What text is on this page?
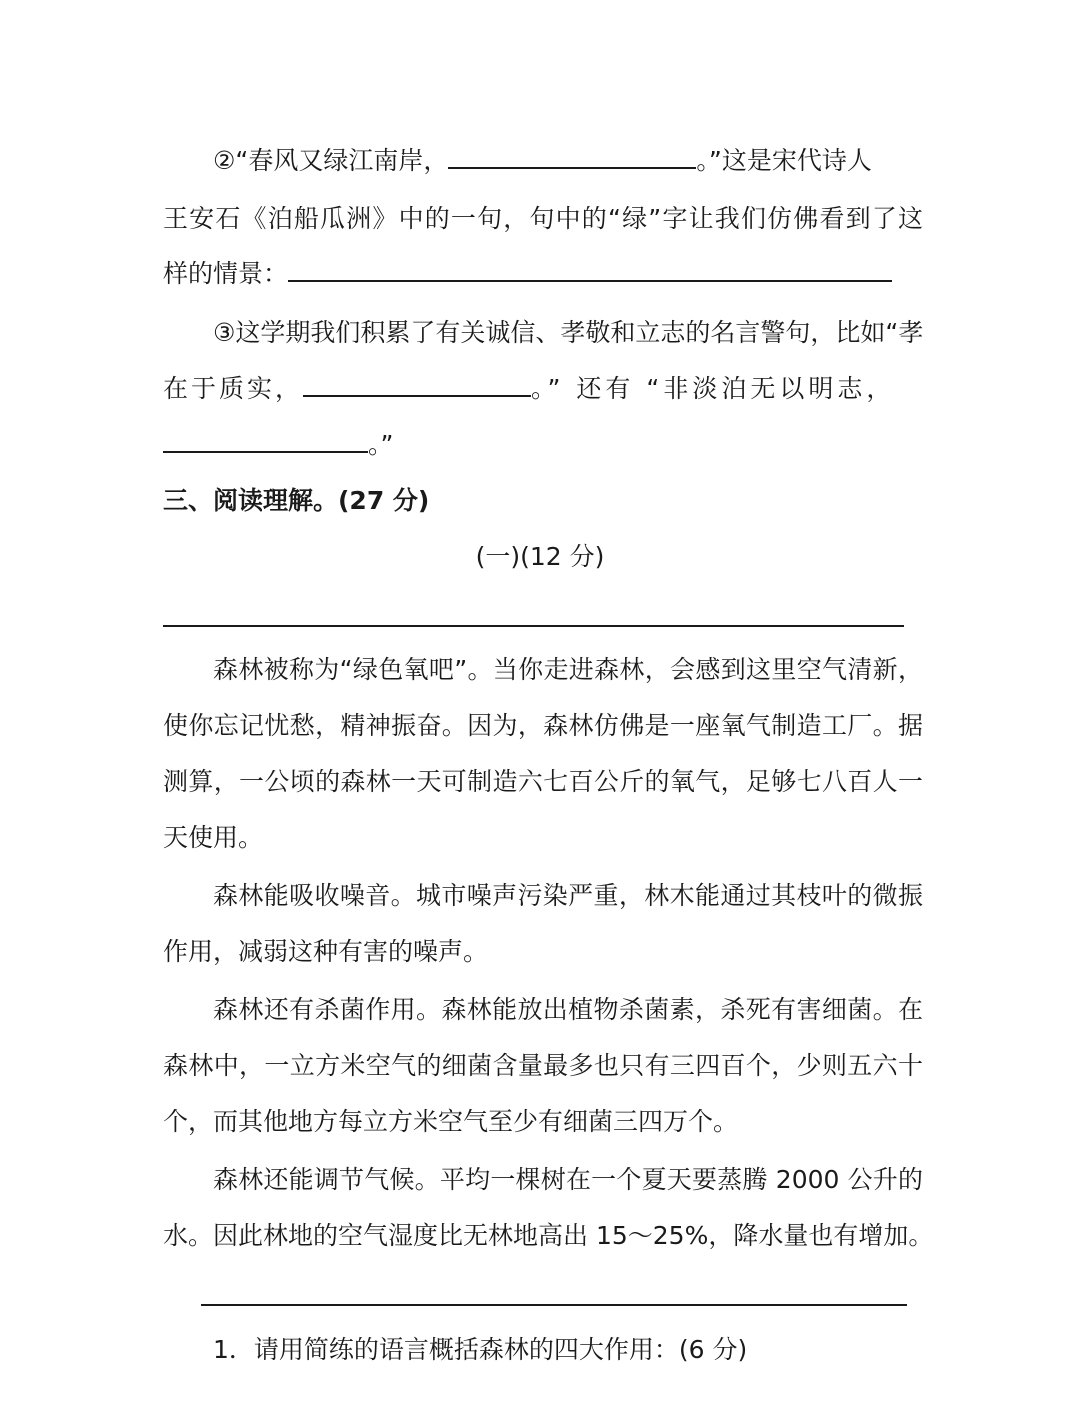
②“春风又绿江南岸，	。”这是宋代诗人
王安石《泊船瓜洲》中的一句，句中的“绿”字让我们仿佛看到了这
样的情景：
③这学期我们积累了有关诚信、孝敬和立志的名言警句，比如“孝
在于质实，	。” 还有 “非淡泊无以明志，
。”
三、阅读理解。(27 分)
(一)(12 分)
森林被称为“绿色氧吧”。当你走进森林，会感到这里空气清新，
使你忘记忧愁，精神振奋。因为，森林仿佛是一座氧气制造工厂。据
测算，一公顷的森林一天可制造六七百公斤的氧气，足够七八百人一
天使用。
森林能吸收噪音。城市噪声污染严重，林木能通过其枝叶的微振
作用，减弱这种有害的噪声。
森林还有杀菌作用。森林能放出植物杀菌素，杀死有害细菌。在
森林中，一立方米空气的细菌含量最多也只有三四百个，少则五六十
个，而其他地方每立方米空气至少有细菌三四万个。
森林还能调节气候。平均一棵树在一个夏天要蒸腾 2000 公升的
水。因此林地的空气湿度比无林地高出 15～25%，降水量也有增加。
1．请用简练的语言概括森林的四大作用：(6 分)
